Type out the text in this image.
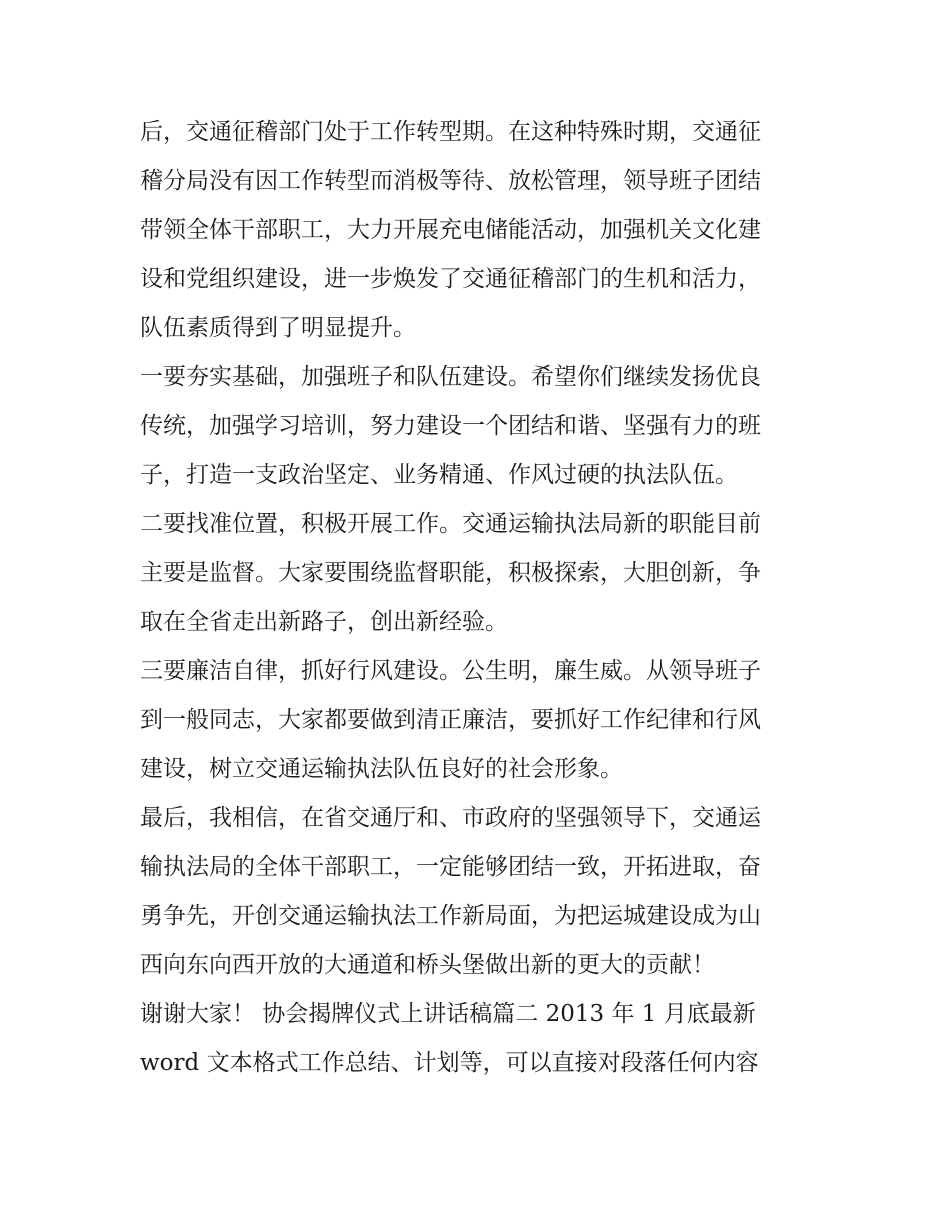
后，交通征稽部门处于工作转型期。在这种特殊时期，交通征
稽分局没有因工作转型而消极等待、放松管理，领导班子团结
带领全体干部职工，大力开展充电储能活动，加强机关文化建
设和党组织建设，进一步焕发了交通征稽部门的生机和活力，
队伍素质得到了明显提升。
一要夯实基础，加强班子和队伍建设。希望你们继续发扬优良
传统，加强学习培训，努力建设一个团结和谐、坚强有力的班
子，打造一支政治坚定、业务精通、作风过硬的执法队伍。
二要找准位置，积极开展工作。交通运输执法局新的职能目前
主要是监督。大家要围绕监督职能，积极探索，大胆创新，争
取在全省走出新路子，创出新经验。
三要廉洁自律，抓好行风建设。公生明，廉生威。从领导班子
到一般同志，大家都要做到清正廉洁，要抓好工作纪律和行风
建设，树立交通运输执法队伍良好的社会形象。
最后，我相信，在省交通厅和、市政府的坚强领导下，交通运
输执法局的全体干部职工，一定能够团结一致，开拓进取，奋
勇争先，开创交通运输执法工作新局面，为把运城建设成为山
西向东向西开放的大通道和桥头堡做出新的更大的贡献！
谢谢大家！ 协会揭牌仪式上讲话稿篇二 2013 年 1 月底最新
word 文本格式工作总结、计划等，可以直接对段落任何内容
